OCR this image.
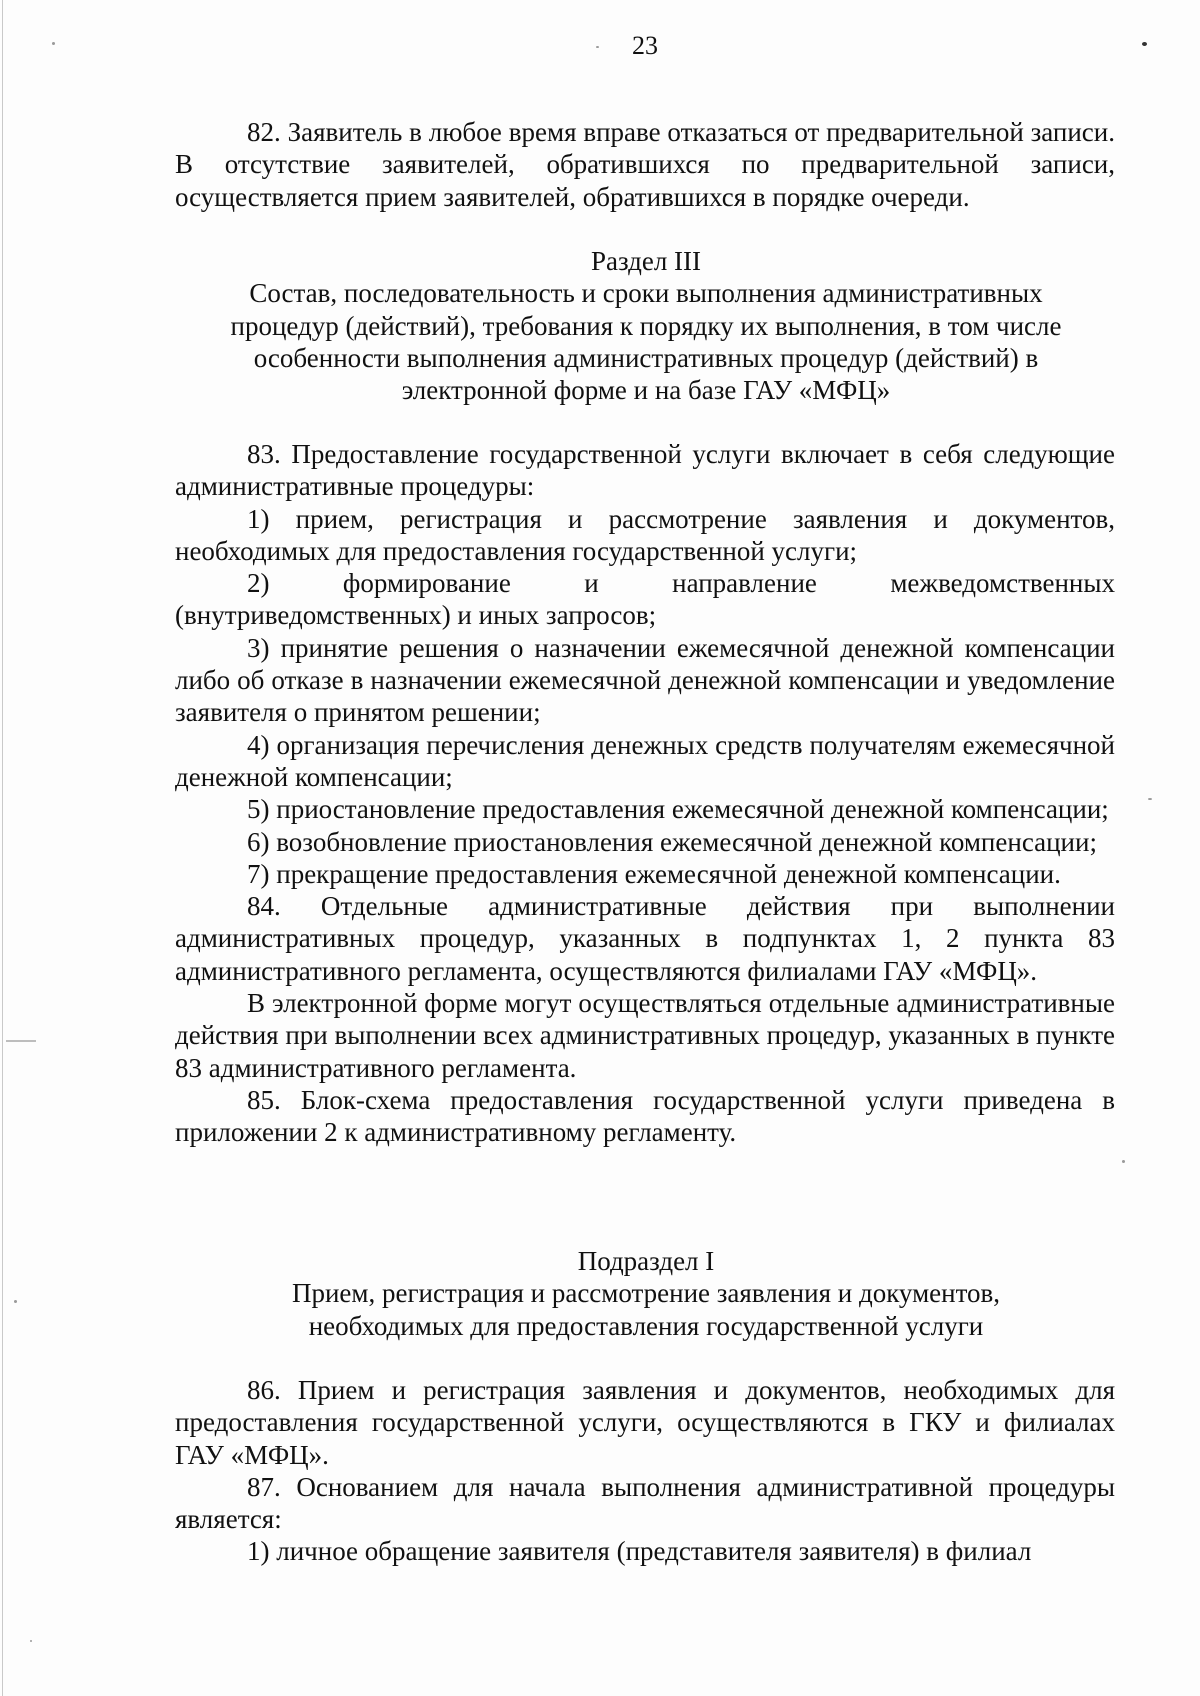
23

82. Заявитель в любое время вправе отказаться от предварительной записи. В отсутствие заявителей, обратившихся по предварительной записи, осуществляется прием заявителей, обратившихся в порядке очереди.

Раздел III

Состав, последовательность и сроки выполнения административных

процедур (действий), требования к порядку их выполнения, в том числе

особенности выполнения административных процедур (действий) в

электронной форме и на базе ГАУ «МФЦ»

83. Предоставление государственной услуги включает в себя следующие административные процедуры:

1) прием, регистрация и рассмотрение заявления и документов, необходимых для предоставления государственной услуги;

2) формирование и направление межведомственных (внутриведомственных) и иных запросов;

3) принятие решения о назначении ежемесячной денежной компенсации либо об отказе в назначении ежемесячной денежной компенсации и уведомление заявителя о принятом решении;

4) организация перечисления денежных средств получателям ежемесячной денежной компенсации;

5) приостановление предоставления ежемесячной денежной компенсации;

6) возобновление приостановления ежемесячной денежной компенсации;

7) прекращение предоставления ежемесячной денежной компенсации.

84. Отдельные административные действия при выполнении административных процедур, указанных в подпунктах 1, 2 пункта 83 административного регламента, осуществляются филиалами ГАУ «МФЦ».

В электронной форме могут осуществляться отдельные административные действия при выполнении всех административных процедур, указанных в пункте 83 административного регламента.

85. Блок-схема предоставления государственной услуги приведена в приложении 2 к административному регламенту.

Подраздел I

Прием, регистрация и рассмотрение заявления и документов,

необходимых для предоставления государственной услуги

86. Прием и регистрация заявления и документов, необходимых для предоставления государственной услуги, осуществляются в ГКУ и филиалах ГАУ «МФЦ».

87. Основанием для начала выполнения административной процедуры является:

1) личное обращение заявителя (представителя заявителя) в филиал
